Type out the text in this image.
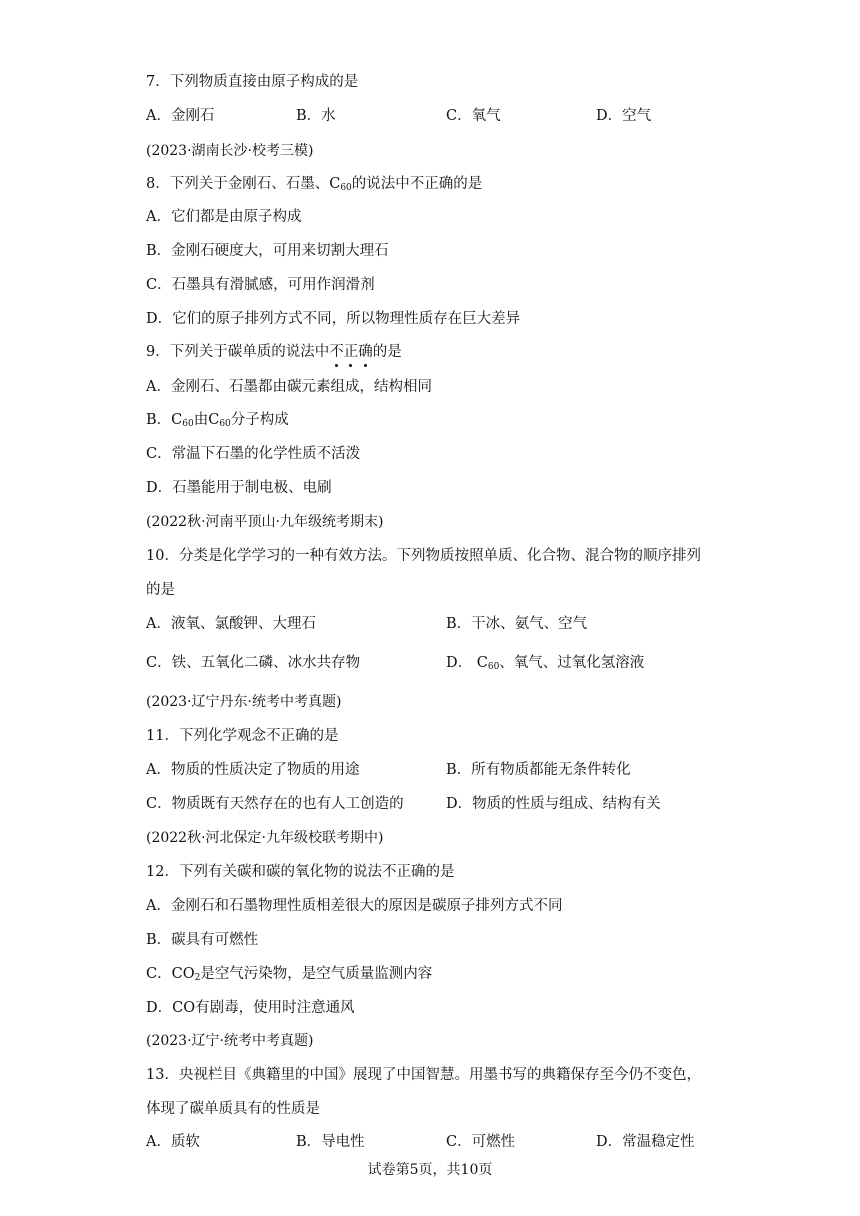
7．下列物质直接由原子构成的是
A．金刚石	B．水	C．氧气	D．空气
(2023·湖南长沙·校考三模)
8．下列关于金刚石、石墨、$C_{60}$的说法中不正确的是
A．它们都是由原子构成
B．金刚石硬度大，可用来切割大理石
C．石墨具有滑腻感，可用作润滑剂
D．它们的原子排列方式不同，所以物理性质存在巨大差异
9．下列关于碳单质的说法中不正确的是
A．金刚石、石墨都由碳元素组成，结构相同
B．$C_{60}$由$C_{60}$分子构成
C．常温下石墨的化学性质不活泼
D．石墨能用于制电极、电刷
(2022秋·河南平顶山·九年级统考期末)
10．分类是化学学习的一种有效方法。下列物质按照单质、化合物、混合物的顺序排列
的是
A．液氧、氯酸钾、大理石	B．干冰、氨气、空气
C．铁、五氧化二磷、冰水共存物	D． $C_{60}$、氧气、过氧化氢溶液
(2023·辽宁丹东·统考中考真题)
11．下列化学观念不正确的是
A．物质的性质决定了物质的用途	B．所有物质都能无条件转化
C．物质既有天然存在的也有人工创造的	D．物质的性质与组成、结构有关
(2022秋·河北保定·九年级校联考期中)
12．下列有关碳和碳的氧化物的说法不正确的是
A．金刚石和石墨物理性质相差很大的原因是碳原子排列方式不同
B．碳具有可燃性
C．$CO_2$是空气污染物，是空气质量监测内容
D．CO有剧毒，使用时注意通风
(2023·辽宁·统考中考真题)
13．央视栏目《典籍里的中国》展现了中国智慧。用墨书写的典籍保存至今仍不变色，
体现了碳单质具有的性质是
A．质软	B．导电性	C．可燃性	D．常温稳定性
试卷第5页，共10页
